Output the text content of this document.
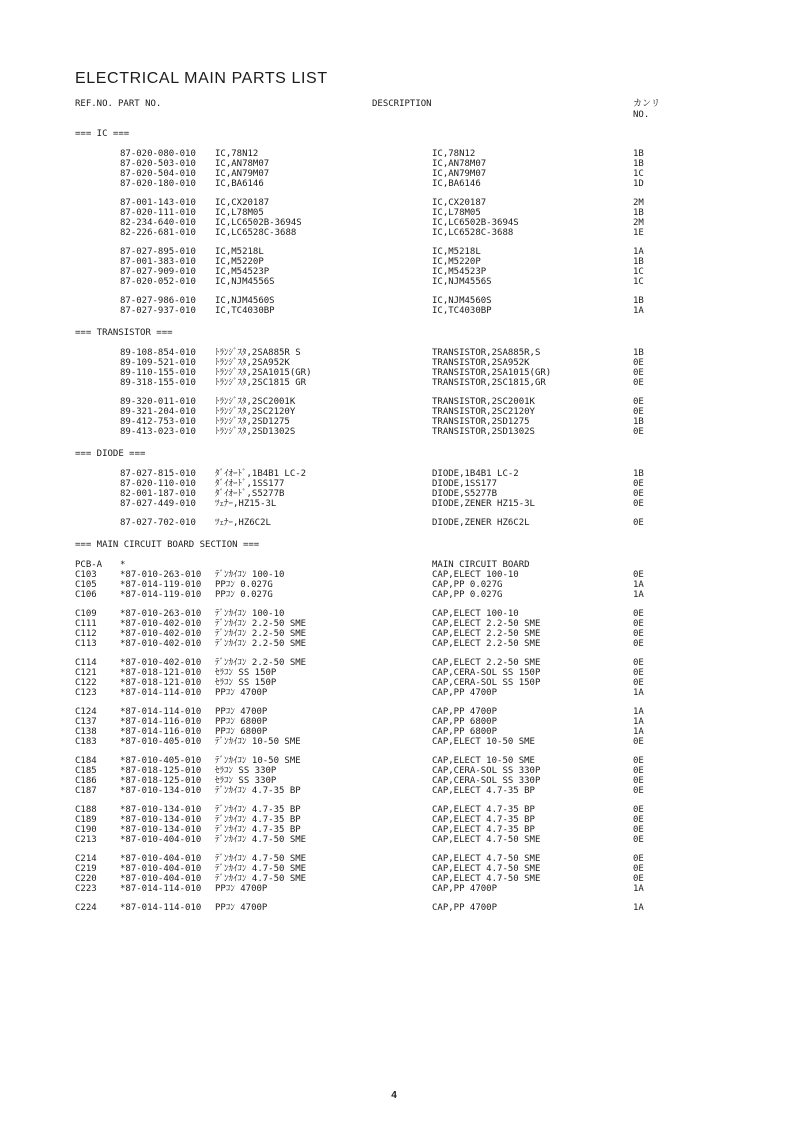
ELECTRICAL MAIN PARTS LIST
REF.NO. PART NO.	DESCRIPTION	カンリ
NO.
=== IC ===
87-020-080-010 IC,78N12	IC,78N12	1B
87-020-503-010 IC,AN78M07	IC,AN78M07	1B
87-020-504-010 IC,AN79M07	IC,AN79M07	1C
87-020-180-010 IC,BA6146	IC,BA6146	1D
87-001-143-010 IC,CX20187	IC,CX20187	2M
87-020-111-010 IC,L78M05	IC,L78M05	1B
82-234-640-010 IC,LC6502B-3694S	IC,LC6502B-3694S	2M
82-226-681-010 IC,LC6528C-3688	IC,LC6528C-3688	1E
87-027-895-010 IC,M5218L	IC,M5218L	1A
87-001-383-010 IC,M5220P	IC,M5220P	1B
87-027-909-010 IC,M54523P	IC,M54523P	1C
87-020-052-010 IC,NJM4556S	IC,NJM4556S	1C
87-027-986-010 IC,NJM4560S	IC,NJM4560S	1B
87-027-937-010 IC,TC4030BP	IC,TC4030BP	1A
=== TRANSISTOR ===
89-108-854-010 ﾄﾗﾝｼﾞｽﾀ,2SA885R S	TRANSISTOR,2SA885R,S	1B
89-109-521-010 ﾄﾗﾝｼﾞｽﾀ,2SA952K	TRANSISTOR,2SA952K	0E
89-110-155-010 ﾄﾗﾝｼﾞｽﾀ,2SA1015(GR)	TRANSISTOR,2SA1015(GR)	0E
89-318-155-010 ﾄﾗﾝｼﾞｽﾀ,2SC1815 GR	TRANSISTOR,2SC1815,GR	0E
89-320-011-010 ﾄﾗﾝｼﾞｽﾀ,2SC2001K	TRANSISTOR,2SC2001K	0E
89-321-204-010 ﾄﾗﾝｼﾞｽﾀ,2SC2120Y	TRANSISTOR,2SC2120Y	0E
89-412-753-010 ﾄﾗﾝｼﾞｽﾀ,2SD1275	TRANSISTOR,2SD1275	1B
89-413-023-010 ﾄﾗﾝｼﾞｽﾀ,2SD1302S	TRANSISTOR,2SD1302S	0E
=== DIODE ===
87-027-815-010 ﾀﾞｲｵｰﾄﾞ,1B4B1 LC-2	DIODE,1B4B1 LC-2	1B
87-020-110-010 ﾀﾞｲｵｰﾄﾞ,1SS177	DIODE,1SS177	0E
82-001-187-010 ﾀﾞｲｵｰﾄﾞ,S5277B	DIODE,S5277B	0E
87-027-449-010 ﾂｪﾅｰ,HZ15-3L	DIODE,ZENER HZ15-3L	0E
87-027-702-010 ﾂｪﾅｰ,HZ6C2L	DIODE,ZENER HZ6C2L	0E
=== MAIN CIRCUIT BOARD SECTION ===
PCB-A *	MAIN CIRCUIT BOARD
C103	*87-010-263-010 ﾃﾞﾝｶｲｺﾝ 100-10	CAP,ELECT 100-10	0E
C105	*87-014-119-010 PPｺﾝ 0.027G	CAP,PP 0.027G	1A
C106	*87-014-119-010 PPｺﾝ 0.027G	CAP,PP 0.027G	1A
C109	*87-010-263-010 ﾃﾞﾝｶｲｺﾝ 100-10	CAP,ELECT 100-10	0E
C111	*87-010-402-010 ﾃﾞﾝｶｲｺﾝ 2.2-50 SME	CAP,ELECT 2.2-50 SME	0E
C112	*87-010-402-010 ﾃﾞﾝｶｲｺﾝ 2.2-50 SME	CAP,ELECT 2.2-50 SME	0E
C113	*87-010-402-010 ﾃﾞﾝｶｲｺﾝ 2.2-50 SME	CAP,ELECT 2.2-50 SME	0E
C114	*87-010-402-010 ﾃﾞﾝｶｲｺﾝ 2.2-50 SME	CAP,ELECT 2.2-50 SME	0E
C121	*87-018-121-010 ｾﾗｺﾝ SS 150P	CAP,CERA-SOL SS 150P	0E
C122	*87-018-121-010 ｾﾗｺﾝ SS 150P	CAP,CERA-SOL SS 150P	0E
C123	*87-014-114-010 PPｺﾝ 4700P	CAP,PP 4700P	1A
C124	*87-014-114-010 PPｺﾝ 4700P	CAP,PP 4700P	1A
C137	*87-014-116-010 PPｺﾝ 6800P	CAP,PP 6800P	1A
C138	*87-014-116-010 PPｺﾝ 6800P	CAP,PP 6800P	1A
C183	*87-010-405-010 ﾃﾞﾝｶｲｺﾝ 10-50 SME	CAP,ELECT 10-50 SME	0E
C184	*87-010-405-010 ﾃﾞﾝｶｲｺﾝ 10-50 SME	CAP,ELECT 10-50 SME	0E
C185	*87-018-125-010 ｾﾗｺﾝ SS 330P	CAP,CERA-SOL SS 330P	0E
C186	*87-018-125-010 ｾﾗｺﾝ SS 330P	CAP,CERA-SOL SS 330P	0E
C187	*87-010-134-010 ﾃﾞﾝｶｲｺﾝ 4.7-35 BP	CAP,ELECT 4.7-35 BP	0E
C188	*87-010-134-010 ﾃﾞﾝｶｲｺﾝ 4.7-35 BP	CAP,ELECT 4.7-35 BP	0E
C189	*87-010-134-010 ﾃﾞﾝｶｲｺﾝ 4.7-35 BP	CAP,ELECT 4.7-35 BP	0E
C190	*87-010-134-010 ﾃﾞﾝｶｲｺﾝ 4.7-35 BP	CAP,ELECT 4.7-35 BP	0E
C213	*87-010-404-010 ﾃﾞﾝｶｲｺﾝ 4.7-50 SME	CAP,ELECT 4.7-50 SME	0E
C214	*87-010-404-010 ﾃﾞﾝｶｲｺﾝ 4.7-50 SME	CAP,ELECT 4.7-50 SME	0E
C219	*87-010-404-010 ﾃﾞﾝｶｲｺﾝ 4.7-50 SME	CAP,ELECT 4.7-50 SME	0E
C220	*87-010-404-010 ﾃﾞﾝｶｲｺﾝ 4.7-50 SME	CAP,ELECT 4.7-50 SME	0E
C223	*87-014-114-010 PPｺﾝ 4700P	CAP,PP 4700P	1A
C224	*87-014-114-010 PPｺﾝ 4700P	CAP,PP 4700P	1A
4
